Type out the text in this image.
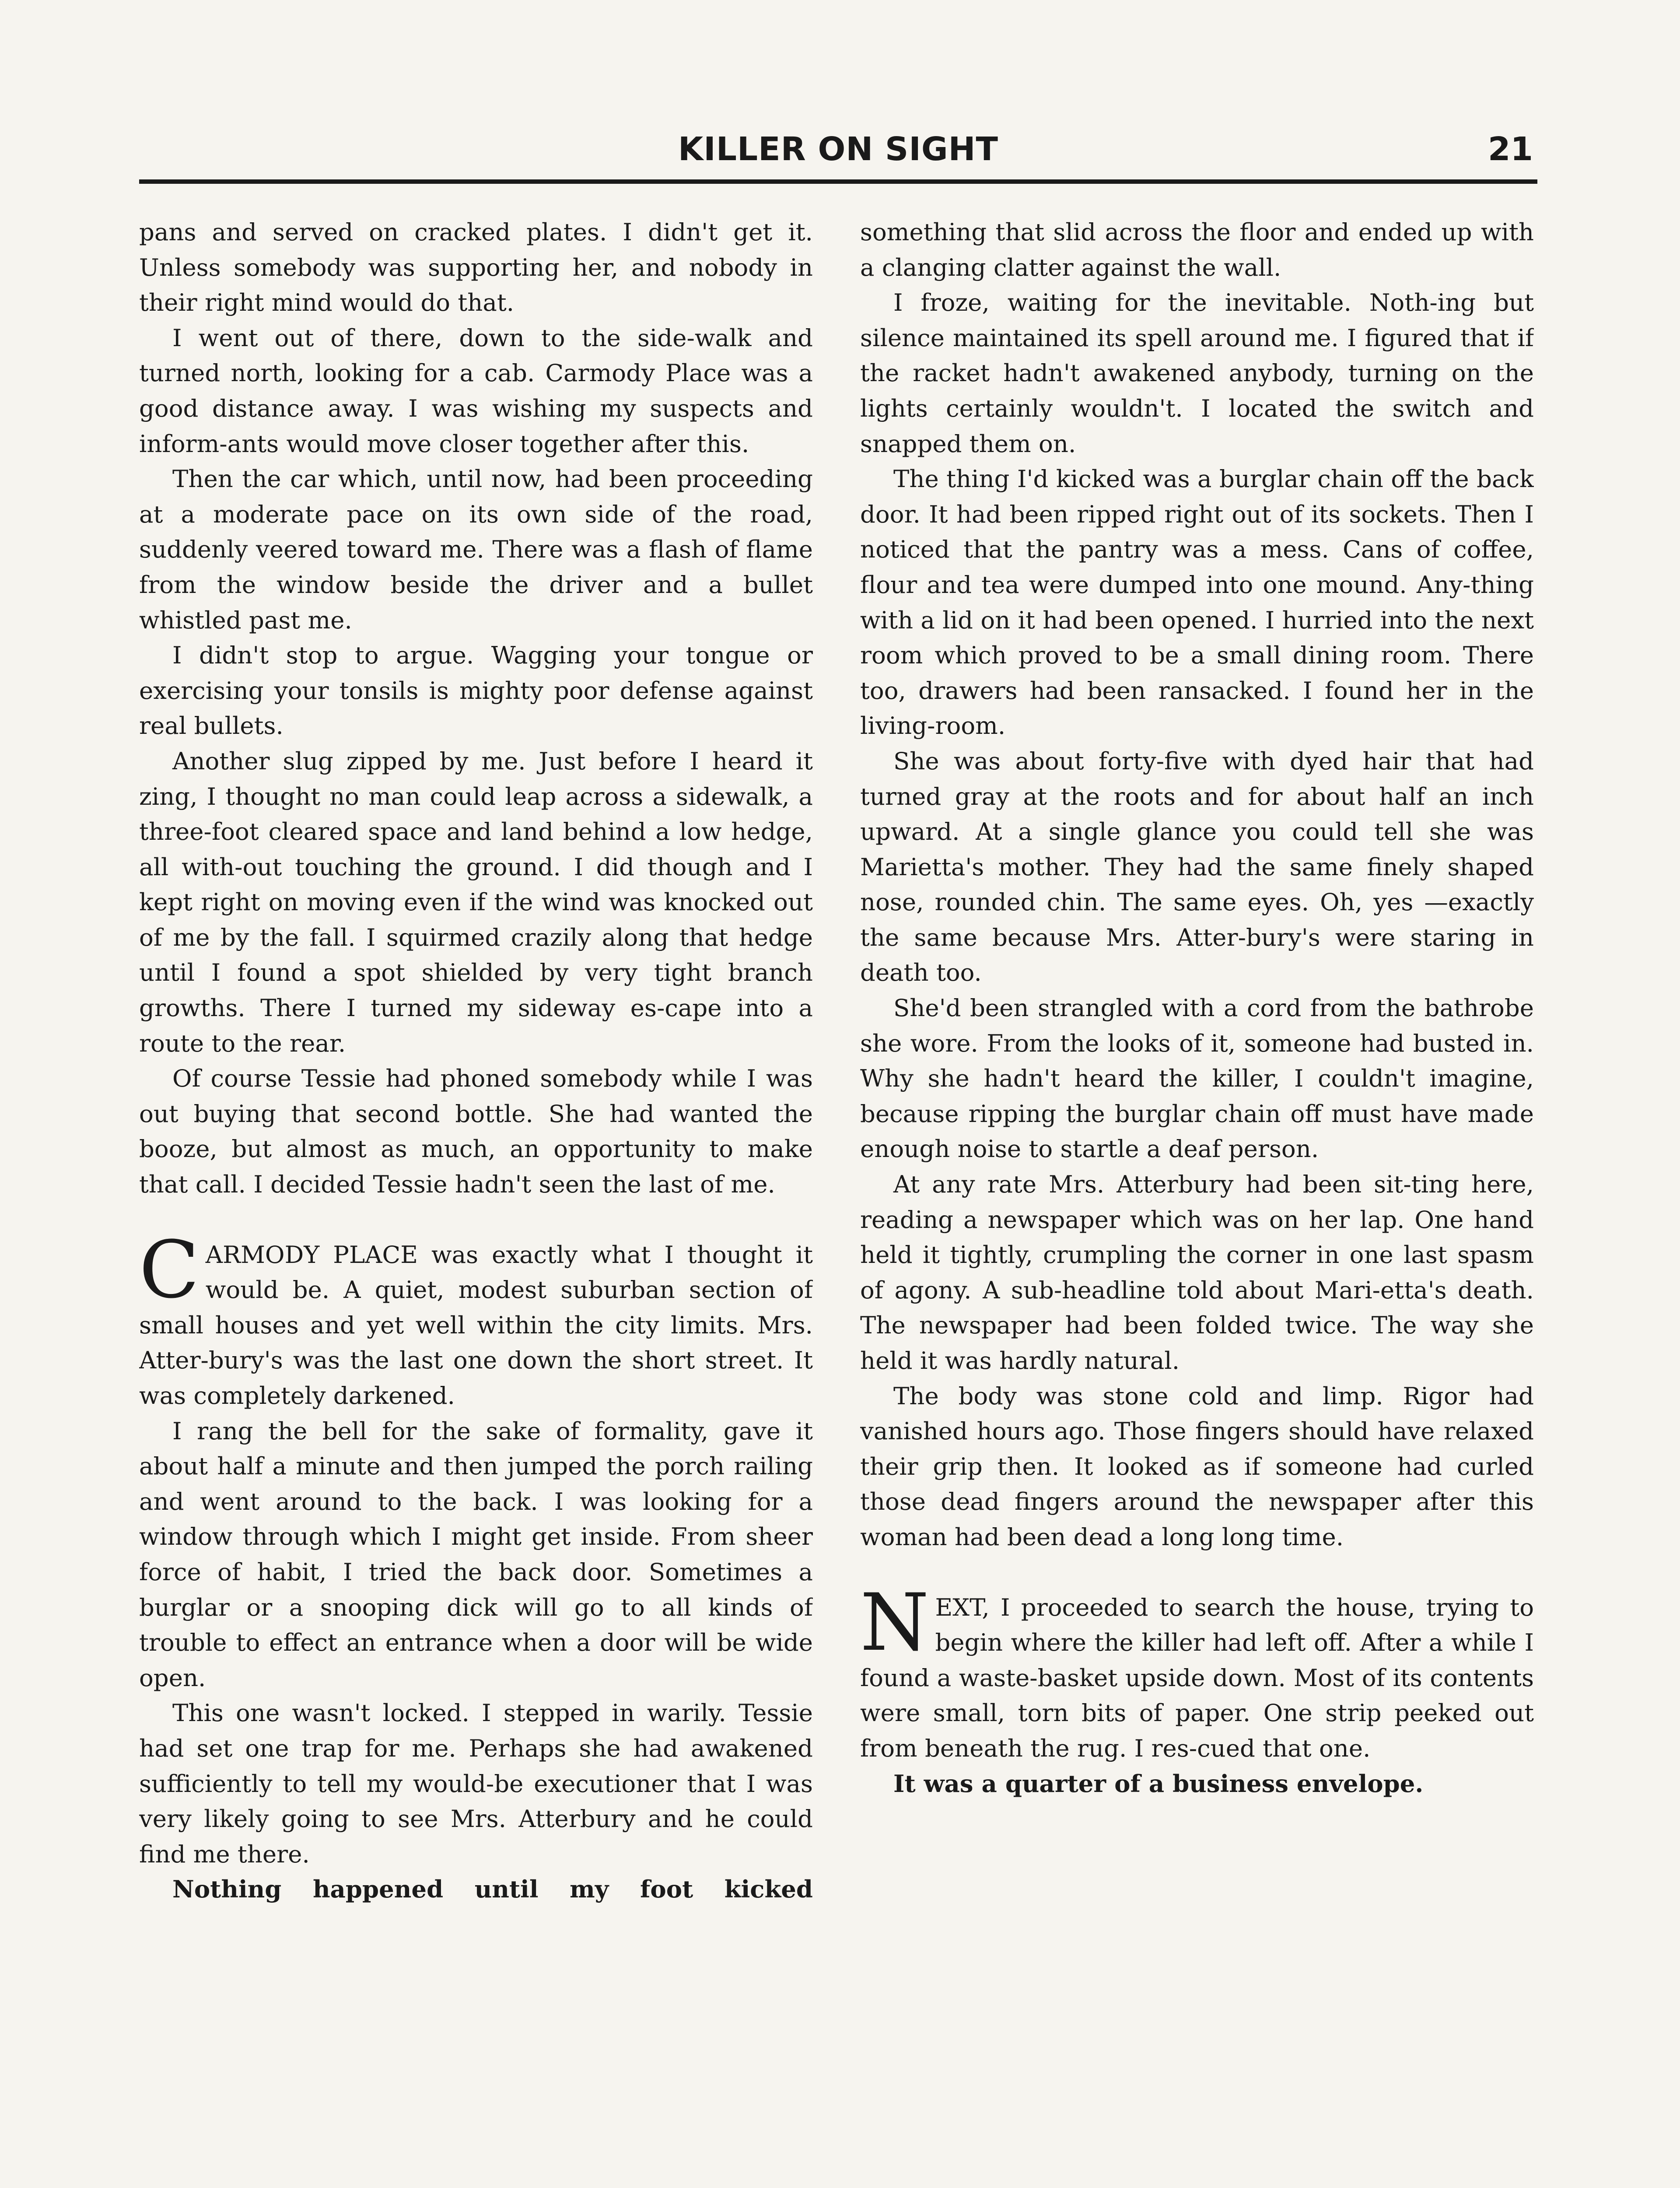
KILLER ON SIGHT	21

pans and served on cracked plates. I didn't get it. Unless somebody was supporting her, and nobody in their right mind would do that.

I went out of there, down to the side-walk and turned north, looking for a cab. Carmody Place was a good distance away. I was wishing my suspects and inform-ants would move closer together after this.

Then the car which, until now, had been proceeding at a moderate pace on its own side of the road, suddenly veered toward me. There was a flash of flame from the window beside the driver and a bullet whistled past me.

I didn't stop to argue. Wagging your tongue or exercising your tonsils is mighty poor defense against real bullets.

Another slug zipped by me. Just before I heard it zing, I thought no man could leap across a sidewalk, a three-foot cleared space and land behind a low hedge, all with-out touching the ground. I did though and I kept right on moving even if the wind was knocked out of me by the fall. I squirmed crazily along that hedge until I found a spot shielded by very tight branch growths. There I turned my sideway es-cape into a route to the rear.

Of course Tessie had phoned somebody while I was out buying that second bottle. She had wanted the booze, but almost as much, an opportunity to make that call. I decided Tessie hadn't seen the last of me.

CARMODY PLACE was exactly what I thought it would be. A quiet, modest suburban section of small houses and yet well within the city limits. Mrs. Atter-bury's was the last one down the short street. It was completely darkened.

I rang the bell for the sake of formality, gave it about half a minute and then jumped the porch railing and went around to the back. I was looking for a window through which I might get inside. From sheer force of habit, I tried the back door. Sometimes a burglar or a snooping dick will go to all kinds of trouble to effect an entrance when a door will be wide open.

This one wasn't locked. I stepped in warily. Tessie had set one trap for me. Perhaps she had awakened sufficiently to tell my would-be executioner that I was very likely going to see Mrs. Atterbury and he could find me there.

Nothing happened until my foot kicked

something that slid across the floor and ended up with a clanging clatter against the wall.

I froze, waiting for the inevitable. Noth-ing but silence maintained its spell around me. I figured that if the racket hadn't awakened anybody, turning on the lights certainly wouldn't. I located the switch and snapped them on.

The thing I'd kicked was a burglar chain off the back door. It had been ripped right out of its sockets. Then I noticed that the pantry was a mess. Cans of coffee, flour and tea were dumped into one mound. Any-thing with a lid on it had been opened. I hurried into the next room which proved to be a small dining room. There too, drawers had been ransacked. I found her in the living-room.

She was about forty-five with dyed hair that had turned gray at the roots and for about half an inch upward. At a single glance you could tell she was Marietta's mother. They had the same finely shaped nose, rounded chin. The same eyes. Oh, yes —exactly the same because Mrs. Atter-bury's were staring in death too.

She'd been strangled with a cord from the bathrobe she wore. From the looks of it, someone had busted in. Why she hadn't heard the killer, I couldn't imagine, because ripping the burglar chain off must have made enough noise to startle a deaf person.

At any rate Mrs. Atterbury had been sit-ting here, reading a newspaper which was on her lap. One hand held it tightly, crumpling the corner in one last spasm of agony. A sub-headline told about Mari-etta's death. The newspaper had been folded twice. The way she held it was hardly natural.

The body was stone cold and limp. Rigor had vanished hours ago. Those fingers should have relaxed their grip then. It looked as if someone had curled those dead fingers around the newspaper after this woman had been dead a long long time.

NEXT, I proceeded to search the house, trying to begin where the killer had left off. After a while I found a waste-basket upside down. Most of its contents were small, torn bits of paper. One strip peeked out from beneath the rug. I res-cued that one.

It was a quarter of a business envelope.
